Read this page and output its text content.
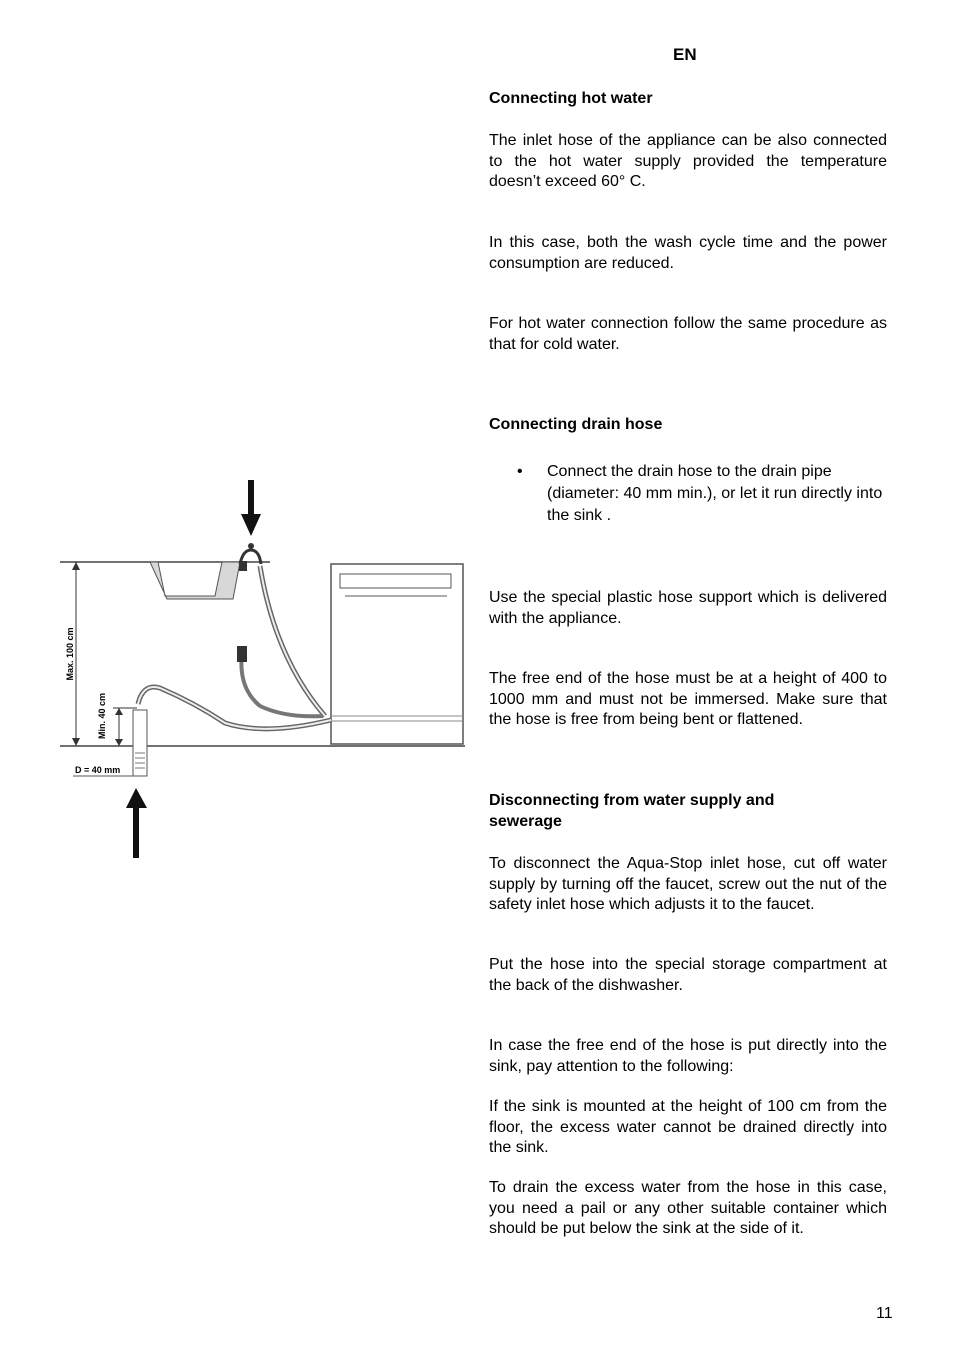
EN
Connecting hot water
The inlet hose of the appliance can be also connected to the hot water supply provided the temperature doesn’t exceed 60° C.
In this case, both the wash cycle time and the power consumption are reduced.
For hot water connection follow the same procedure as that for cold water.
Connecting drain hose
• Connect the drain hose to the drain pipe (diameter: 40 mm min.), or let it run directly into the sink .
Use the special plastic hose support which is delivered with the appliance.
The free end of the hose must be at a height of 400 to 1000 mm and must not be immersed. Make sure that the hose is free from being bent or flattened.
Disconnecting from water supply and sewerage
To disconnect the Aqua-Stop inlet hose, cut off water supply by turning off the faucet, screw out the nut of the safety inlet hose which adjusts it to the faucet.
Put the hose into the special storage compartment at the back of the dishwasher.
In case the free end of the hose is put directly into the sink, pay attention to the following:
If the sink is mounted at the height of 100 cm from the floor, the excess water cannot be drained directly into the sink.
To drain the excess water from the hose in this case, you need a pail or any other suitable container which should be put below the sink at the side of it.
Max. 100 cm
Min. 40 cm
D = 40 mm
11
